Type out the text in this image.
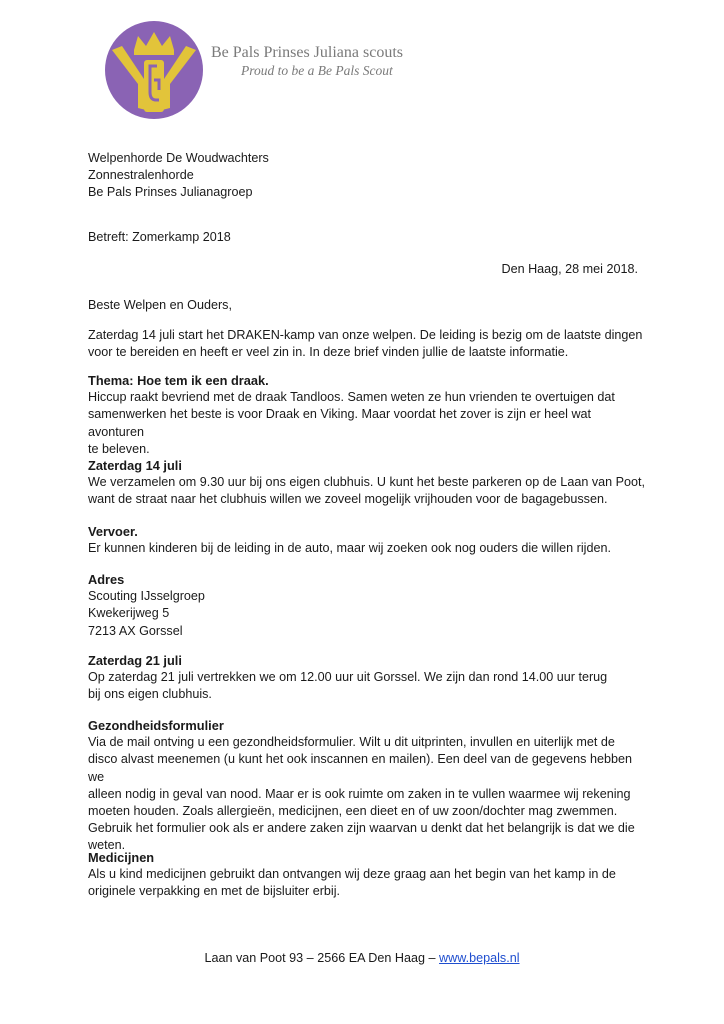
Be Pals Prinses Juliana scouts
Proud to be a Be Pals Scout
Welpenhorde De Woudwachters
Zonnestralenhorde
Be Pals Prinses Julianagroep
Betreft: Zomerkamp 2018
Den Haag, 28 mei 2018.
Beste Welpen en Ouders,
Zaterdag 14 juli start het DRAKEN-kamp van onze welpen. De leiding is bezig om de laatste dingen
voor te bereiden en heeft er veel zin in. In deze brief vinden jullie de laatste informatie.
Thema: Hoe tem ik een draak.

Hiccup raakt bevriend met de draak Tandloos. Samen weten ze hun vrienden te overtuigen dat

samenwerken het beste is voor Draak en Viking. Maar voordat het zover is zijn er heel wat avonturen

te beleven.

Zaterdag 14 juli

We verzamelen om 9.30 uur bij ons eigen clubhuis. U kunt het beste parkeren op de Laan van Poot,

want de straat naar het clubhuis willen we zoveel mogelijk vrijhouden voor de bagagebussen.

Vervoer.

Er kunnen kinderen bij de leiding in de auto, maar wij zoeken ook nog ouders die willen rijden.

Adres

Scouting IJsselgroep

Kwekerijweg 5

7213 AX Gorssel

Zaterdag 21 juli

Op zaterdag 21 juli vertrekken we om 12.00 uur uit Gorssel. We zijn dan rond 14.00 uur terug

bij ons eigen clubhuis.

Gezondheidsformulier

Via de mail ontving u een gezondheidsformulier. Wilt u dit uitprinten, invullen en uiterlijk met de

disco alvast meenemen (u kunt het ook inscannen en mailen). Een deel van de gegevens hebben we

alleen nodig in geval van nood. Maar er is ook ruimte om zaken in te vullen waarmee wij rekening

moeten houden. Zoals allergieën, medicijnen, een dieet en of uw zoon/dochter mag zwemmen.

Gebruik het formulier ook als er andere zaken zijn waarvan u denkt dat het belangrijk is dat we die

weten.

Medicijnen

Als u kind medicijnen gebruikt dan ontvangen wij deze graag aan het begin van het kamp in de

originele verpakking en met de bijsluiter erbij.

Laan van Poot 93 – 2566 EA Den Haag – www.bepals.nl
